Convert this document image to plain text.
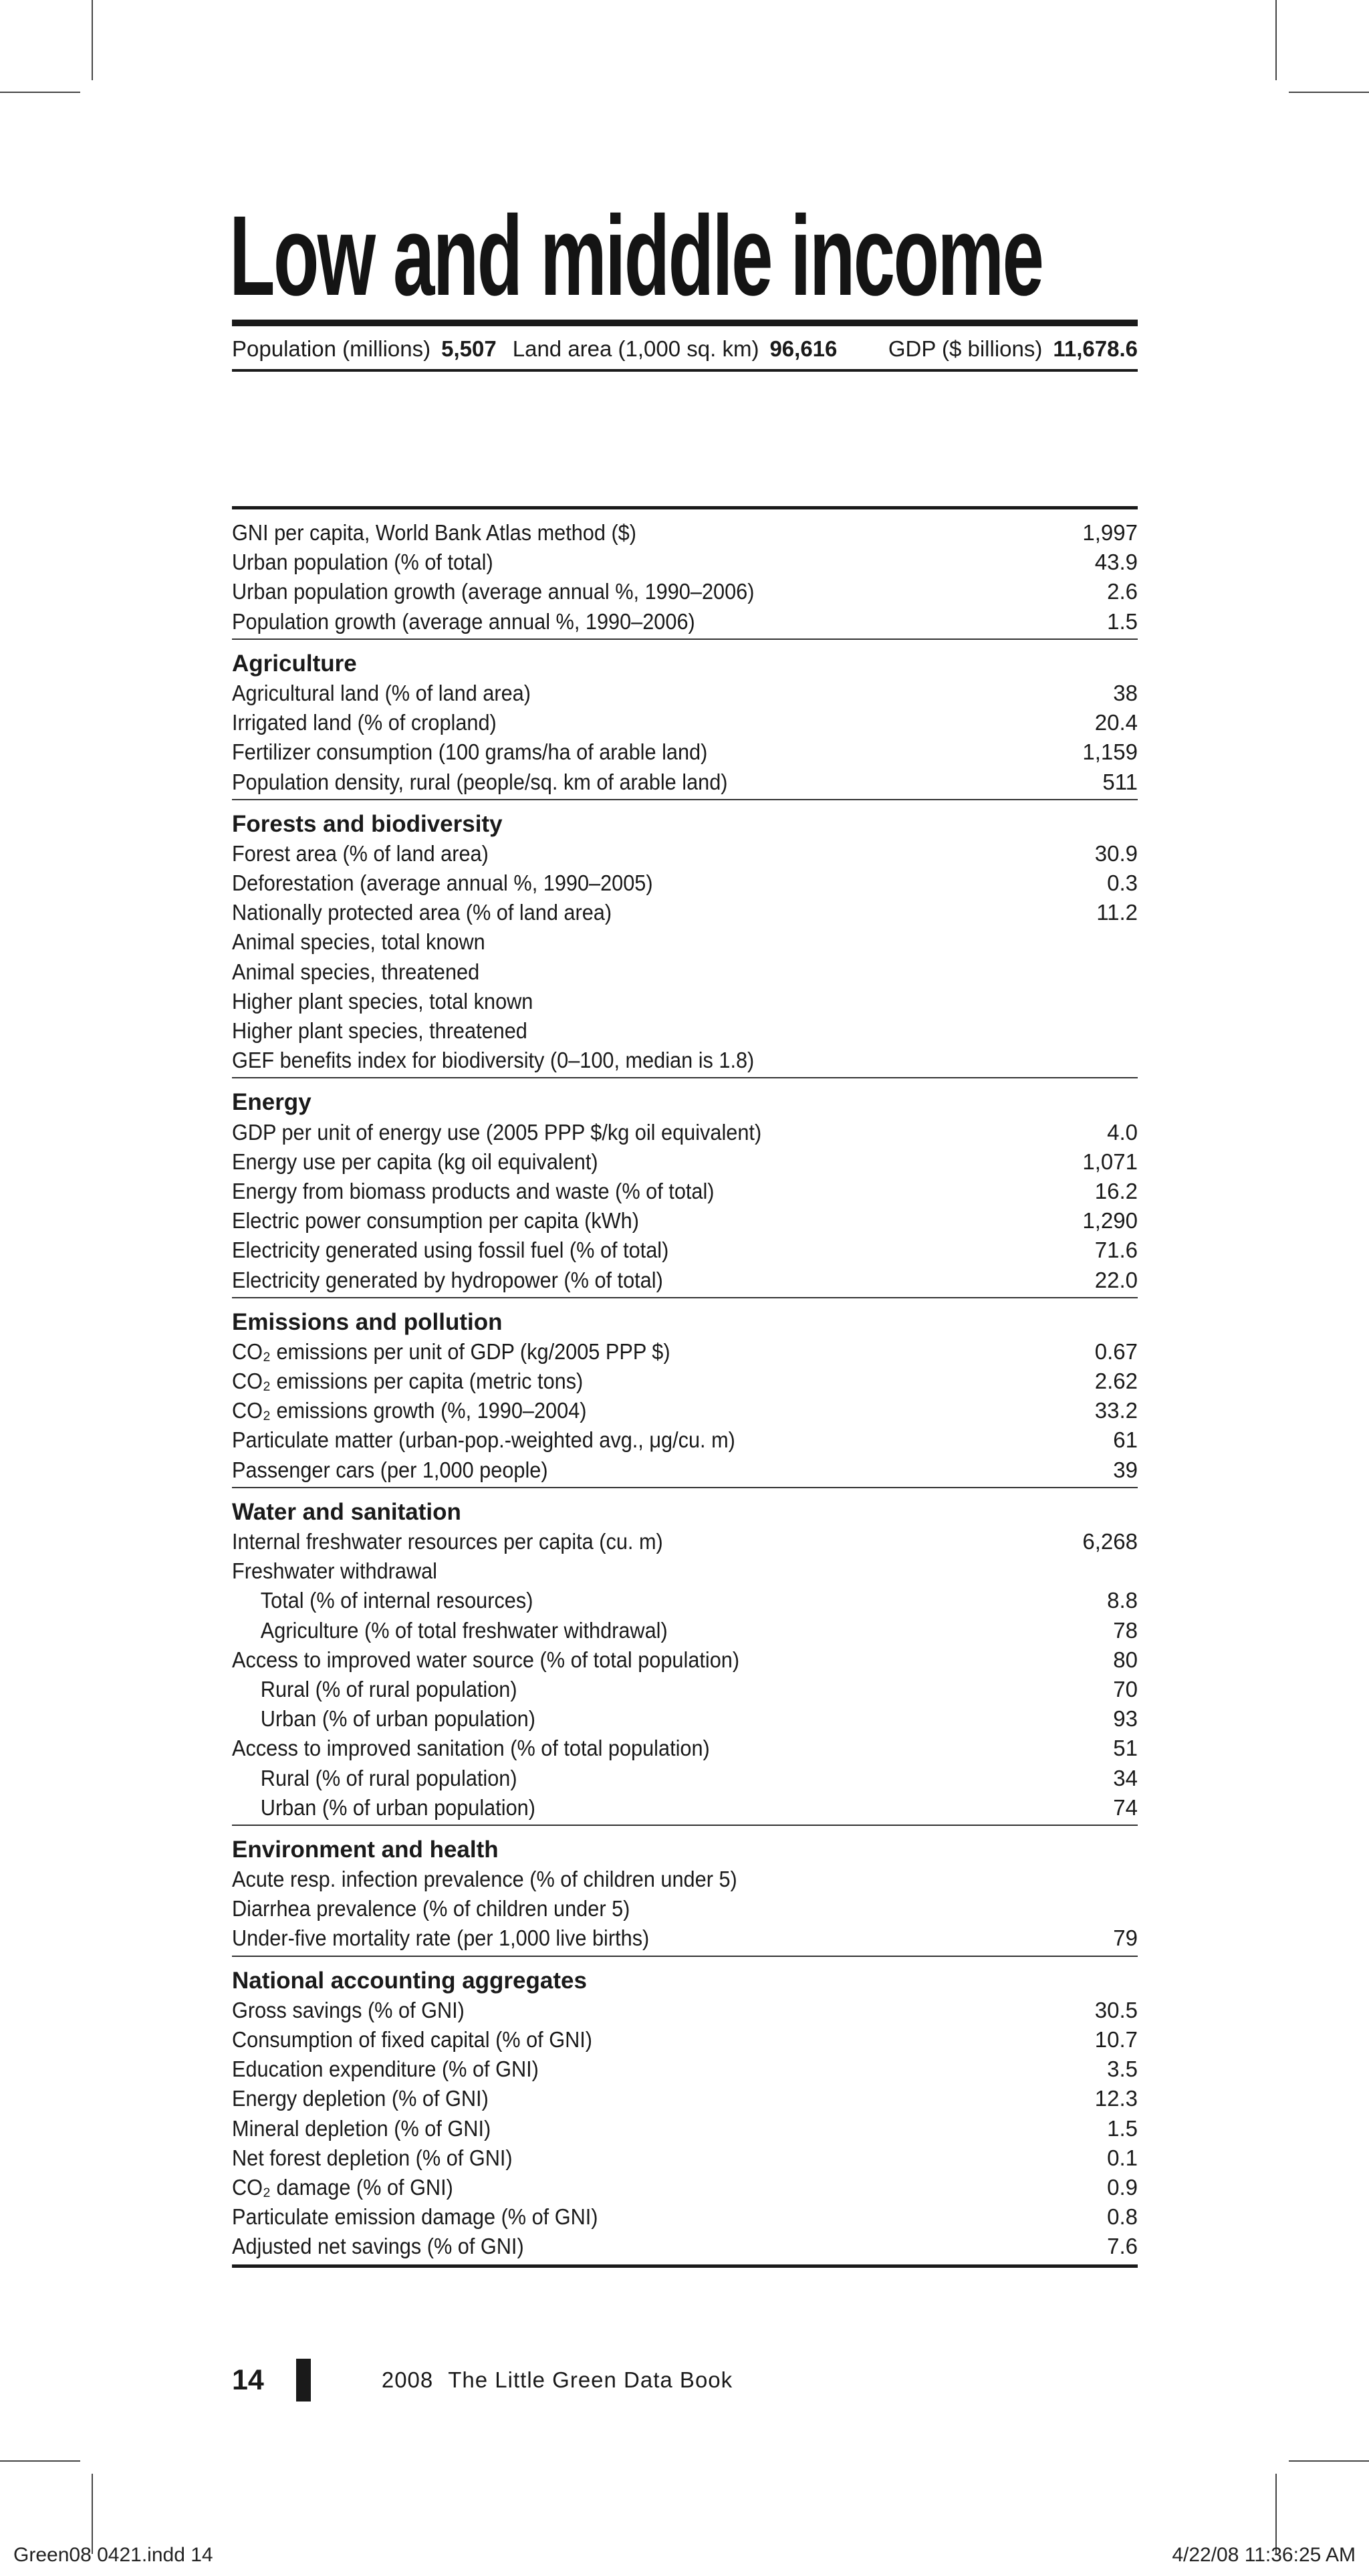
Low and middle income
Population (millions) 5,507 Land area (1,000 sq. km) 96,616 GDP ($ billions) 11,678.6
GNI per capita, World Bank Atlas method ($)	1,997
Urban population (% of total)	43.9
Urban population growth (average annual %, 1990–2006)	2.6
Population growth (average annual %, 1990–2006)	1.5
Agriculture
Agricultural land (% of land area)	38
Irrigated land (% of cropland)	20.4
Fertilizer consumption (100 grams/ha of arable land)	1,159
Population density, rural (people/sq. km of arable land)	511
Forests and biodiversity
Forest area (% of land area)	30.9
Deforestation (average annual %, 1990–2005)	0.3
Nationally protected area (% of land area)	11.2
Animal species, total known
Animal species, threatened
Higher plant species, total known
Higher plant species, threatened
GEF benefits index for biodiversity (0–100, median is 1.8)
Energy
GDP per unit of energy use (2005 PPP $/kg oil equivalent)	4.0
Energy use per capita (kg oil equivalent)	1,071
Energy from biomass products and waste (% of total)	16.2
Electric power consumption per capita (kWh)	1,290
Electricity generated using fossil fuel (% of total)	71.6
Electricity generated by hydropower (% of total)	22.0
Emissions and pollution
CO₂ emissions per unit of GDP (kg/2005 PPP $)	0.67
CO₂ emissions per capita (metric tons)	2.62
CO₂ emissions growth (%, 1990–2004)	33.2
Particulate matter (urban-pop.-weighted avg., μg/cu. m)	61
Passenger cars (per 1,000 people)	39
Water and sanitation
Internal freshwater resources per capita (cu. m)	6,268
Freshwater withdrawal
Total (% of internal resources)	8.8
Agriculture (% of total freshwater withdrawal)	78
Access to improved water source (% of total population)	80
Rural (% of rural population)	70
Urban (% of urban population)	93
Access to improved sanitation (% of total population)	51
Rural (% of rural population)	34
Urban (% of urban population)	74
Environment and health
Acute resp. infection prevalence (% of children under 5)
Diarrhea prevalence (% of children under 5)
Under-five mortality rate (per 1,000 live births)	79
National accounting aggregates
Gross savings (% of GNI)	30.5
Consumption of fixed capital (% of GNI)	10.7
Education expenditure (% of GNI)	3.5
Energy depletion (% of GNI)	12.3
Mineral depletion (% of GNI)	1.5
Net forest depletion (% of GNI)	0.1
CO₂ damage (% of GNI)	0.9
Particulate emission damage (% of GNI)	0.8
Adjusted net savings (% of GNI)	7.6
14	2008 The Little Green Data Book
Green08 0421.indd 14	4/22/08 11:36:25 AM
